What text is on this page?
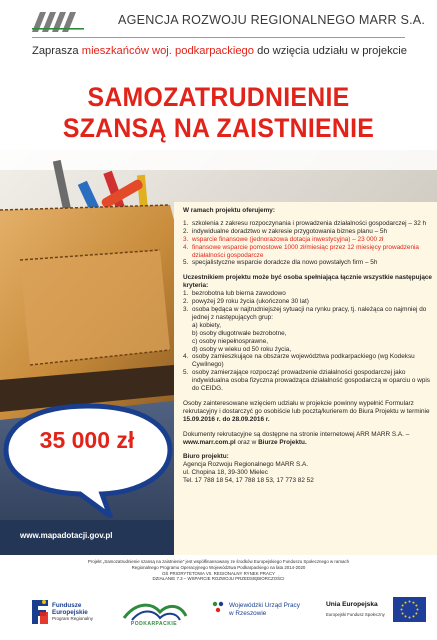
AGENCJA ROZWOJU REGIONALNEGO MARR S.A.
Zaprasza mieszkańców woj. podkarpackiego do wzięcia udziału w projekcie
SAMOZATRUDNIENIE
SZANSĄ NA ZAISTNIENIE

W ramach projektu oferujemy:

1. szkolenia z zakresu rozpoczynania i prowadzenia działalności gospodarczej – 32 h
2. indywidualne doradztwo w zakresie przygotowania biznes planu – 5h
3. wsparcie finansowe (jednorazowa dotacja inwestycyjna) – 23 000 zł
4. finansowe wsparcie pomostowe 1000 zł/miesiąc przez 12 miesięcy prowadzenia działalności gospodarcze
5. specjalistyczne wsparcie doradcze dla nowo powstałych firm – 5h

Uczestnikiem projektu może być osoba spełniająca łącznie wszystkie następujące kryteria:

1. bezrobotna lub bierna zawodowo
2. powyżej 29 roku życia (ukończone 30 lat)
3. osoba będąca w najtrudniejszej sytuacji na rynku pracy, tj. należąca co najmniej do jednej z następujących grup:

a) kobiety,

b) osoby długotrwale bezrobotne,

c) osoby niepełnosprawne,

d) osoby w wieku od 50 roku życia,

4. osoby zamieszkujące na obszarze województwa podkarpackiego (wg Kodeksu Cywilnego)
5. osoby zamierzające rozpocząć prowadzenie działalności gospodarczej jako indywidualna osoba fizyczna prowadząca działalność gospodarczą w oparciu o wpis do CEIDG.

Osoby zainteresowane wzięciem udziału w projekcie powinny wypełnić Formularz rekrutacyjny i dostarczyć go osobiście lub pocztą/kurierem do Biura Projektu w terminie 15.09.2016 r. do 28.09.2016 r.

Dokumenty rekrutacyjne są dostępne na stronie internetowej ARR MARR S.A. – www.marr.com.pl oraz w Biurze Projektu.

Biuro projektu:

Agencja Rozwoju Regionalnego MARR S.A.

ul. Chopina 18, 39-300 Mielec

Tel. 17 788 18 54, 17 788 18 53, 17 773 82 52

35 000 zł
www.mapadotacji.gov.pl

Projekt „Samozatrudnienie szansą na zaistnienie” jest współfinansowany ze środków Europejskiego Funduszu Społecznego w ramach

Regionalnego Programu Operacyjnego Województwa Podkarpackiego na lata 2014-2020

OŚ PRIORYTETOWA VII. REGIONALNY RYNEK PRACY

DZIAŁANIE 7.3 – WSPARCIE ROZWOJU PRZEDSIĘBIORCZOŚCI

Fundusze
Europejskie
Program Regionalny
PODKARPACKIE
Wojewódzki Urząd Pracy
w Rzeszowie
Unia Europejska
Europejski Fundusz Społeczny
